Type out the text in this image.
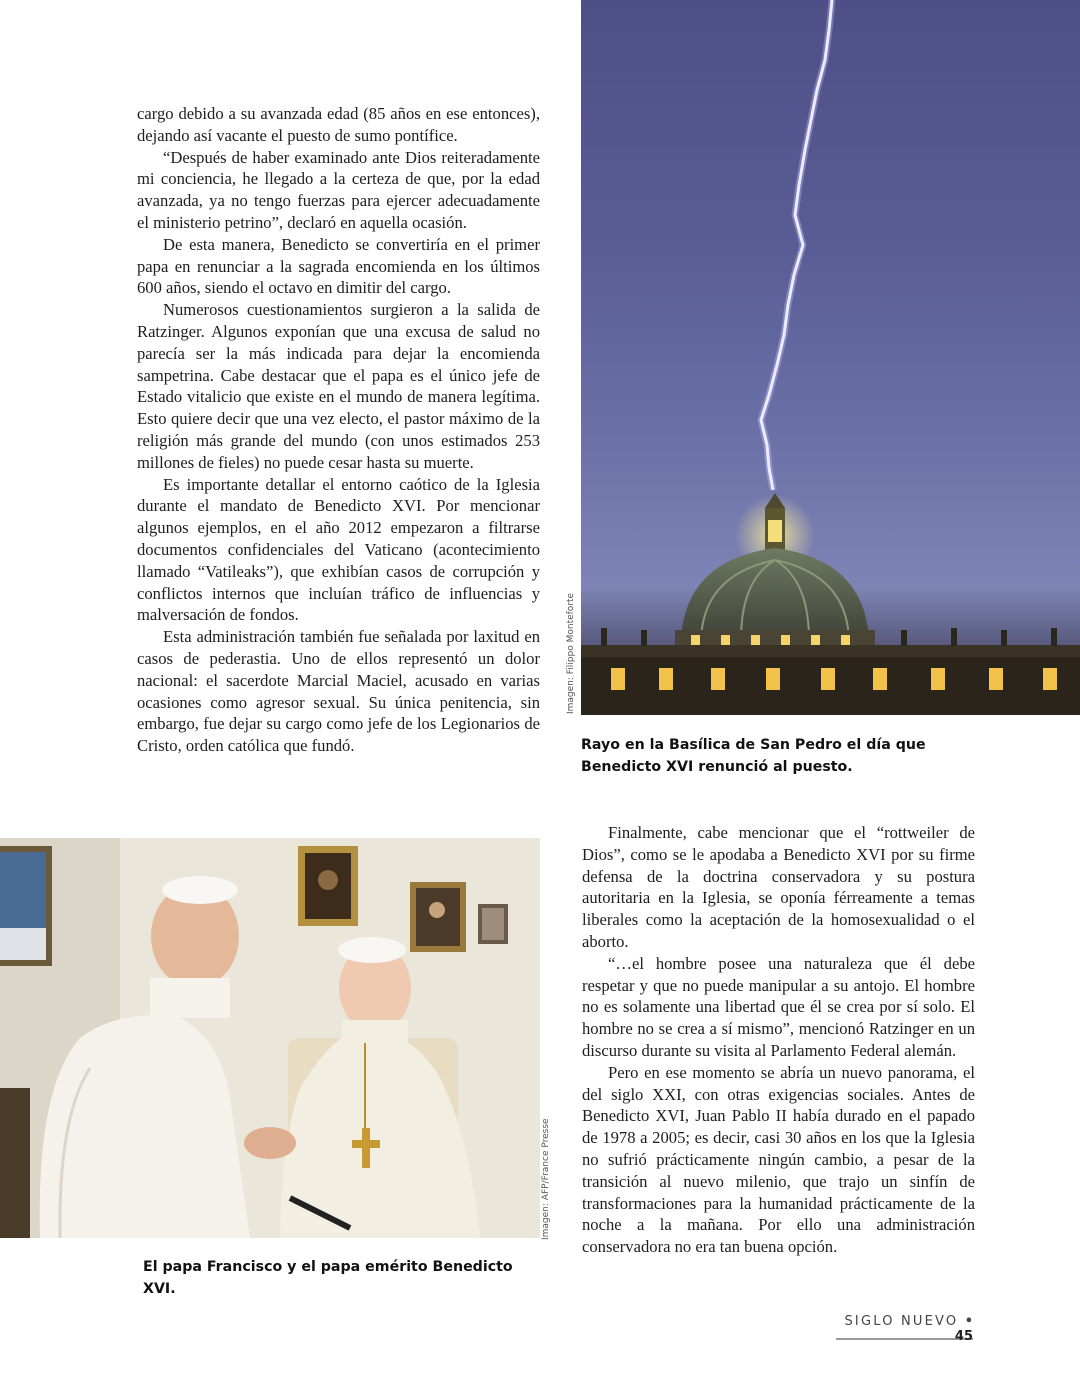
cargo debido a su avanzada edad (85 años en ese entonces), dejando así vacante el puesto de sumo pontífice.

“Después de haber examinado ante Dios reiteradamente mi conciencia, he llegado a la certeza de que, por la edad avanzada, ya no tengo fuerzas para ejercer adecuadamente el ministerio petrino”, declaró en aquella ocasión.

De esta manera, Benedicto se convertiría en el primer papa en renunciar a la sagrada encomienda en los últimos 600 años, siendo el octavo en dimitir del cargo.

Numerosos cuestionamientos surgieron a la salida de Ratzinger. Algunos exponían que una excusa de salud no parecía ser la más indicada para dejar la encomienda sampetrina. Cabe destacar que el papa es el único jefe de Estado vitalicio que existe en el mundo de manera legítima. Esto quiere decir que una vez electo, el pastor máximo de la religión más grande del mundo (con unos estimados 253 millones de fieles) no puede cesar hasta su muerte.

Es importante detallar el entorno caótico de la Iglesia durante el mandato de Benedicto XVI. Por mencionar algunos ejemplos, en el año 2012 empezaron a filtrarse documentos confidenciales del Vaticano (acontecimiento llamado “Vatileaks”), que exhibían casos de corrupción y conflictos internos que incluían tráfico de influencias y malversación de fondos.

Esta administración también fue señalada por laxitud en casos de pederastia. Uno de ellos representó un dolor nacional: el sacerdote Marcial Maciel, acusado en varias ocasiones como agresor sexual. Su única penitencia, sin embargo, fue dejar su cargo como jefe de los Legionarios de Cristo, orden católica que fundó.

Imagen: Filippo Monteforte
Rayo en la Basílica de San Pedro el día que Benedicto XVI renunció al puesto.
Imagen: AFP/France Presse
El papa Francisco y el papa emérito Benedicto XVI.

Finalmente, cabe mencionar que el “rottweiler de Dios”, como se le apodaba a Benedicto XVI por su firme defensa de la doctrina conservadora y su postura autoritaria en la Iglesia, se oponía férreamente a temas liberales como la aceptación de la homosexualidad o el aborto.

“…el hombre posee una naturaleza que él debe respetar y que no puede manipular a su antojo. El hombre no es solamente una libertad que él se crea por sí solo. El hombre no se crea a sí mismo”, mencionó Ratzinger en un discurso durante su visita al Parlamento Federal alemán.

Pero en ese momento se abría un nuevo panorama, el del siglo XXI, con otras exigencias sociales. Antes de Benedicto XVI, Juan Pablo II había durado en el papado de 1978 a 2005; es decir, casi 30 años en los que la Iglesia no sufrió prácticamente ningún cambio, a pesar de la transición al nuevo milenio, que trajo un sinfín de transformaciones para la humanidad prácticamente de la noche a la mañana. Por ello una administración conservadora no era tan buena opción.

SIGLO NUEVO • 45
